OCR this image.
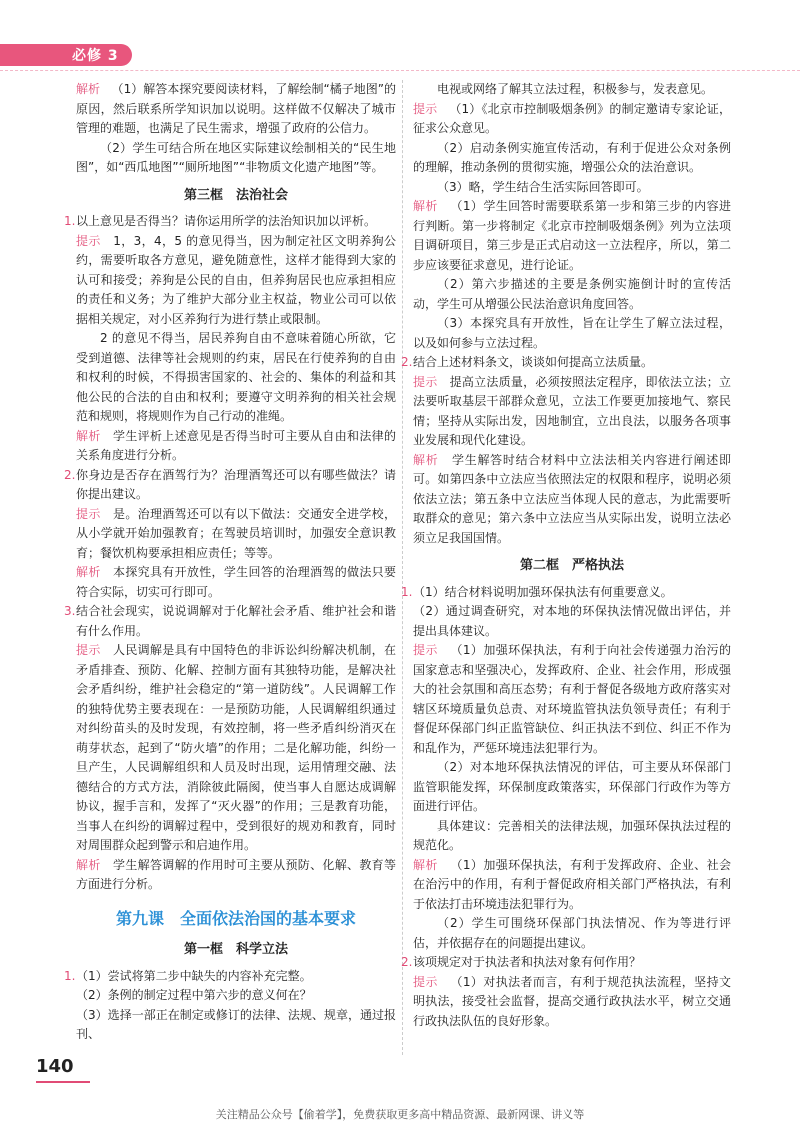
必修 3

解析 （1）解答本探究要阅读材料，了解绘制“橘子地图”的原因，然后联系所学知识加以说明。这样做不仅解决了城市管理的难题，也满足了民生需求，增强了政府的公信力。

（2）学生可结合所在地区实际建议绘制相关的“民生地图”，如“西瓜地图”“厕所地图”“非物质文化遗产地图”等。

第三框　法治社会

1. 以上意见是否得当？请你运用所学的法治知识加以评析。

提示 1，3，4，5 的意见得当，因为制定社区文明养狗公约，需要听取各方意见，避免随意性，这样才能得到大家的认可和接受；养狗是公民的自由，但养狗居民也应承担相应的责任和义务；为了维护大部分业主权益，物业公司可以依据相关规定，对小区养狗行为进行禁止或限制。

2 的意见不得当，居民养狗自由不意味着随心所欲，它受到道德、法律等社会规则的约束，居民在行使养狗的自由和权利的时候，不得损害国家的、社会的、集体的利益和其他公民的合法的自由和权利；要遵守文明养狗的相关社会规范和规则，将规则作为自己行动的准绳。

解析 学生评析上述意见是否得当时可主要从自由和法律的关系角度进行分析。

2. 你身边是否存在酒驾行为？治理酒驾还可以有哪些做法？请你提出建议。

提示 是。治理酒驾还可以有以下做法：交通安全进学校，从小学就开始加强教育；在驾驶员培训时，加强安全意识教育；餐饮机构要承担相应责任；等等。

解析 本探究具有开放性，学生回答的治理酒驾的做法只要符合实际，切实可行即可。

3. 结合社会现实，说说调解对于化解社会矛盾、维护社会和谐有什么作用。

提示 人民调解是具有中国特色的非诉讼纠纷解决机制，在矛盾排查、预防、化解、控制方面有其独特功能，是解决社会矛盾纠纷，维护社会稳定的“第一道防线”。人民调解工作的独特优势主要表现在：一是预防功能，人民调解组织通过对纠纷苗头的及时发现，有效控制，将一些矛盾纠纷消灭在萌芽状态，起到了“防火墙”的作用；二是化解功能，纠纷一旦产生，人民调解组织和人员及时出现，运用情理交融、法德结合的方式方法，消除彼此隔阂，使当事人自愿达成调解协议，握手言和，发挥了“灭火器”的作用；三是教育功能，当事人在纠纷的调解过程中，受到很好的规劝和教育，同时对周围群众起到警示和启迪作用。

解析 学生解答调解的作用时可主要从预防、化解、教育等方面进行分析。

第九课　全面依法治国的基本要求
第一框　科学立法

1. （1）尝试将第二步中缺失的内容补充完整。

（2）条例的制定过程中第六步的意义何在？

（3）选择一部正在制定或修订的法律、法规、规章，通过报刊、

电视或网络了解其立法过程，积极参与，发表意见。

提示 （1）《北京市控制吸烟条例》的制定邀请专家论证，征求公众意见。

（2）启动条例实施宣传活动，有利于促进公众对条例的理解，推动条例的贯彻实施，增强公众的法治意识。

（3）略，学生结合生活实际回答即可。

解析 （1）学生回答时需要联系第一步和第三步的内容进行判断。第一步将制定《北京市控制吸烟条例》列为立法项目调研项目，第三步是正式启动这一立法程序，所以，第二步应该要征求意见，进行论证。

（2）第六步描述的主要是条例实施倒计时的宣传活动，学生可从增强公民法治意识角度回答。

（3）本探究具有开放性，旨在让学生了解立法过程，以及如何参与立法过程。

2. 结合上述材料条文，谈谈如何提高立法质量。

提示 提高立法质量，必须按照法定程序，即依法立法；立法要听取基层干部群众意见，立法工作要更加接地气、察民情；坚持从实际出发，因地制宜，立出良法，以服务各项事业发展和现代化建设。

解析 学生解答时结合材料中立法法相关内容进行阐述即可。如第四条中立法应当依照法定的权限和程序，说明必须依法立法；第五条中立法应当体现人民的意志，为此需要听取群众的意见；第六条中立法应当从实际出发，说明立法必须立足我国国情。

第二框　严格执法

1. （1）结合材料说明加强环保执法有何重要意义。

（2）通过调查研究，对本地的环保执法情况做出评估，并提出具体建议。

提示 （1）加强环保执法，有利于向社会传递强力治污的国家意志和坚强决心，发挥政府、企业、社会作用，形成强大的社会氛围和高压态势；有利于督促各级地方政府落实对辖区环境质量负总责、对环境监管执法负领导责任；有利于督促环保部门纠正监管缺位、纠正执法不到位、纠正不作为和乱作为，严惩环境违法犯罪行为。

（2）对本地环保执法情况的评估，可主要从环保部门监管职能发挥，环保制度政策落实，环保部门行政作为等方面进行评估。

具体建议：完善相关的法律法规，加强环保执法过程的规范化。

解析 （1）加强环保执法，有利于发挥政府、企业、社会在治污中的作用，有利于督促政府相关部门严格执法，有利于依法打击环境违法犯罪行为。

（2）学生可围绕环保部门执法情况、作为等进行评估，并依据存在的问题提出建议。

2. 该项规定对于执法者和执法对象有何作用？

提示 （1）对执法者而言，有利于规范执法流程，坚持文明执法，接受社会监督，提高交通行政执法水平，树立交通行政执法队伍的良好形象。

140
关注精品公众号【偷着学】，免费获取更多高中精品资源、最新网课、讲义等
